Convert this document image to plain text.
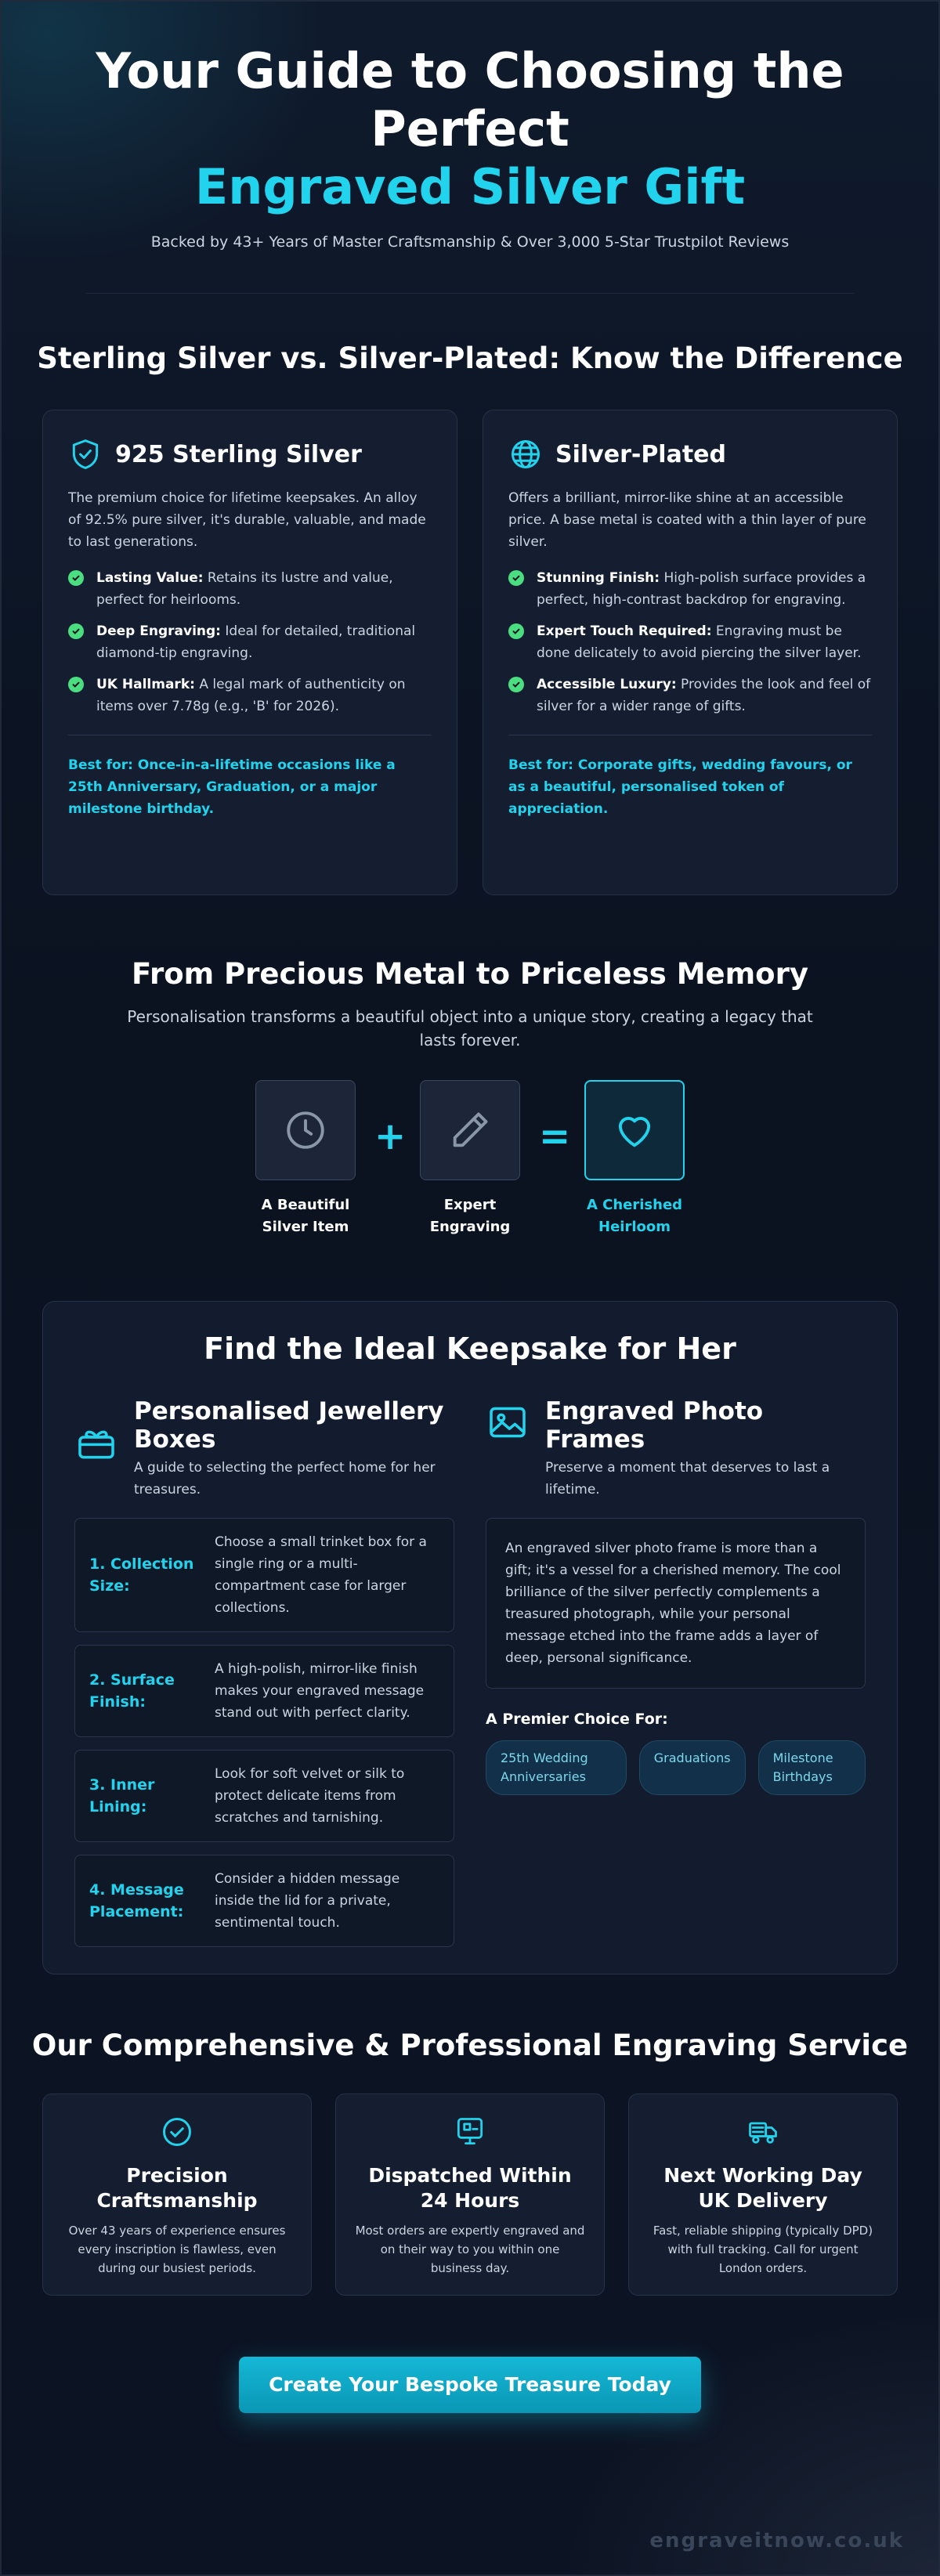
Your Guide to Choosing the
Perfect
Engraved Silver Gift

Backed by 43+ Years of Master Craftsmanship & Over 3,000 5-Star Trustpilot Reviews

Sterling Silver vs. Silver-Plated: Know the Difference
925 Sterling Silver

The premium choice for lifetime keepsakes. An alloy of 92.5% pure silver, it's durable, valuable, and made to last generations.

Lasting Value: Retains its lustre and value, perfect for heirlooms.
Deep Engraving: Ideal for detailed, traditional diamond-tip engraving.
UK Hallmark: A legal mark of authenticity on items over 7.78g (e.g., 'B' for 2026).

Best for: Once-in-a-lifetime occasions like a 25th Anniversary, Graduation, or a major milestone birthday.

Silver-Plated

Offers a brilliant, mirror-like shine at an accessible price. A base metal is coated with a thin layer of pure silver.

Stunning Finish: High-polish surface provides a perfect, high-contrast backdrop for engraving.
Expert Touch Required: Engraving must be done delicately to avoid piercing the silver layer.
Accessible Luxury: Provides the look and feel of silver for a wider range of gifts.

Best for: Corporate gifts, wedding favours, or as a beautiful, personalised token of appreciation.

From Precious Metal to Priceless Memory

Personalisation transforms a beautiful object into a unique story, creating a legacy that lasts forever.

A Beautiful
Silver Item
+
Expert
Engraving
=
A Cherished
Heirloom
Find the Ideal Keepsake for Her
Personalised Jewellery Boxes

A guide to selecting the perfect home for her treasures.

1. Collection Size:
Choose a small trinket box for a single ring or a multi-compartment case for larger collections.
2. Surface Finish:
A high-polish, mirror-like finish makes your engraved message stand out with perfect clarity.
3. Inner Lining:
Look for soft velvet or silk to protect delicate items from scratches and tarnishing.
4. Message Placement:
Consider a hidden message inside the lid for a private, sentimental touch.
Engraved Photo Frames

Preserve a moment that deserves to last a lifetime.

An engraved silver photo frame is more than a gift; it's a vessel for a cherished memory. The cool brilliance of the silver perfectly complements a treasured photograph, while your personal message etched into the frame adds a layer of deep, personal significance.
A Premier Choice For:
25th Wedding Anniversaries
Graduations	Milestone Birthdays
Our Comprehensive & Professional Engraving Service
Precision Craftsmanship

Over 43 years of experience ensures every inscription is flawless, even during our busiest periods.

Dispatched Within 24 Hours

Most orders are expertly engraved and on their way to you within one business day.

Next Working Day UK Delivery

Fast, reliable shipping (typically DPD) with full tracking. Call for urgent London orders.

Create Your Bespoke Treasure Today
engraveitnow.co.uk
